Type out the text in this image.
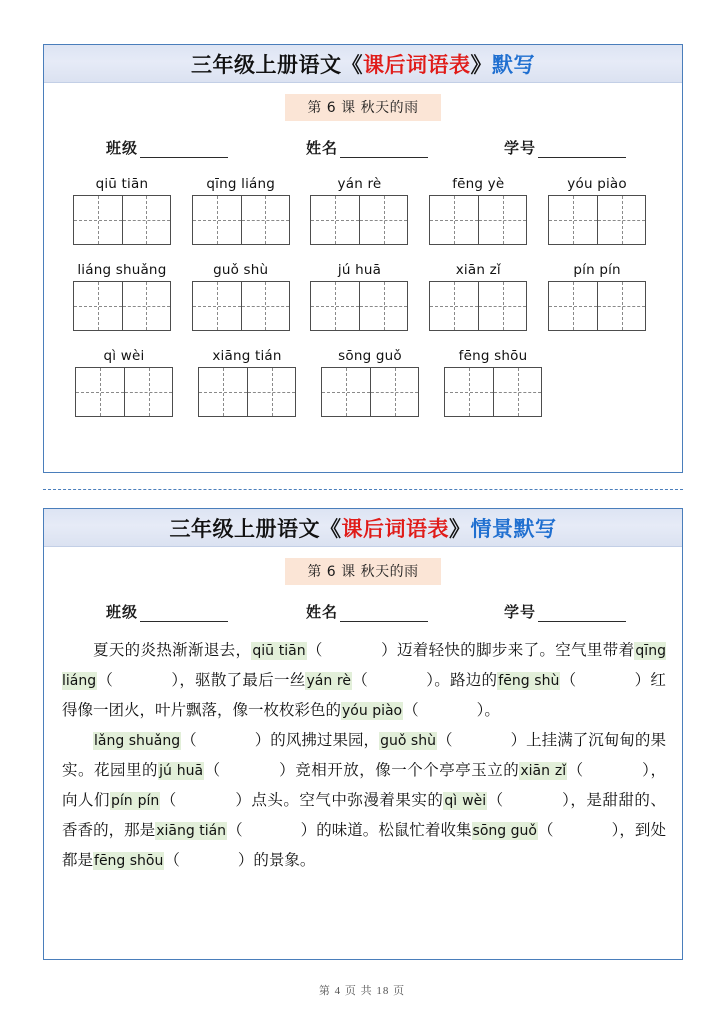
三年级上册语文《课后词语表》默写
第 6 课 秋天的雨
班级	姓名	学号
qiū tiān	qīng liáng	yán rè	fēng yè	yóu piào
liáng shuǎng	guǒ shù	jú huā	xiān zǐ	pín pín
qì wèi	xiāng tián	sōng guǒ	fēng shōu
三年级上册语文《课后词语表》情景默写
第 6 课 秋天的雨
班级	姓名	学号

夏天的炎热渐渐退去，qiū tiān（	）迈着轻快的脚步来了。空气里带着qīng liáng（	），驱散了最后一丝yán rè（	）。路边的fēng shù（	）红得像一团火，叶片飘落，像一枚枚彩色的yóu piào（	）。

lǎng shuǎng（	）的风拂过果园，guǒ shù（	）上挂满了沉甸甸的果实。花园里的jú huā（	）竞相开放，像一个个亭亭玉立的xiān zǐ（	），向人们pín pín（	）点头。空气中弥漫着果实的qì wèi（	），是甜甜的、香香的，那是xiāng tián（	）的味道。松鼠忙着收集sōng guǒ（	），到处都是fēng shōu（	）的景象。

第 4 页 共 18 页
